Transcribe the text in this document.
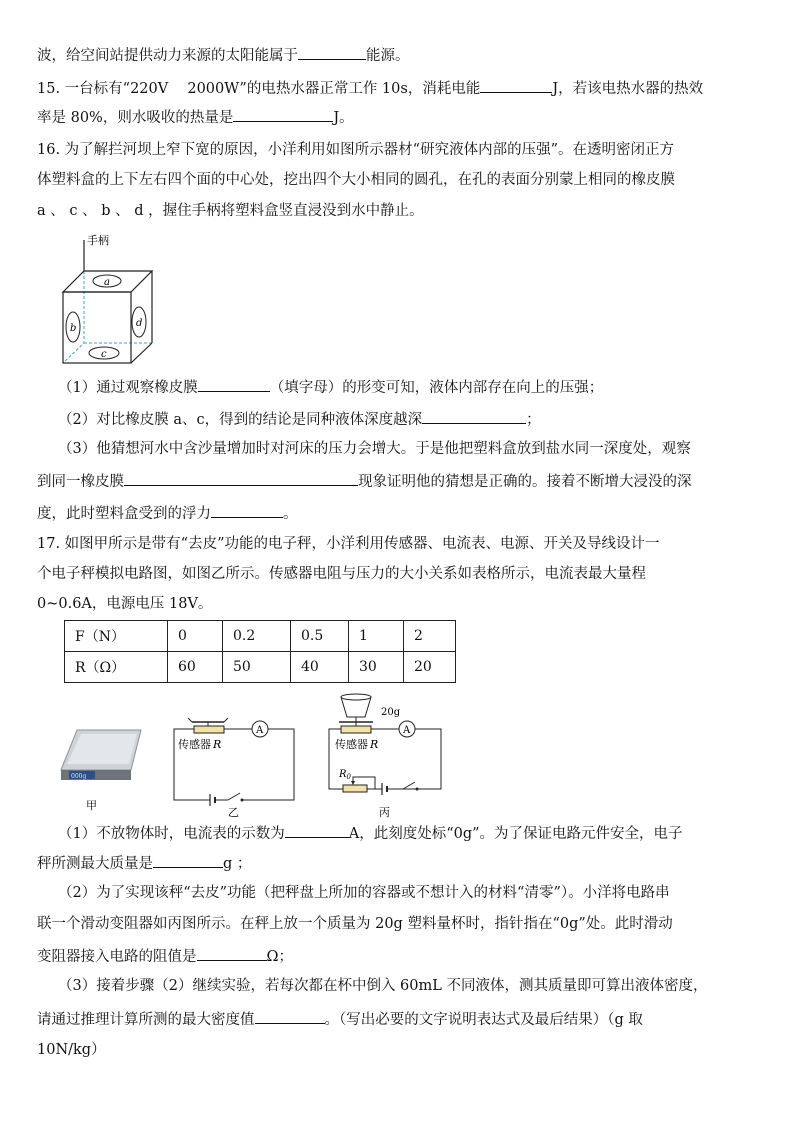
波，给空间站提供动力来源的太阳能属于	能源。
15. 一台标有“220V　 2000W”的电热水器正常工作 10s，消耗电能	J，若该电热水器的热效
率是 80%，则水吸收的热量是	J。
16. 为了解拦河坝上窄下宽的原因，小洋利用如图所示器材“研究液体内部的压强”。在透明密闭正方
体塑料盒的上下左右四个面的中心处，挖出四个大小相同的圆孔，在孔的表面分别蒙上相同的橡皮膜
a 、 c 、 b 、 d ，握住手柄将塑料盒竖直浸没到水中静止。
手柄
a
b	d
c
（1）通过观察橡皮膜	（填字母）的形变可知，液体内部存在向上的压强；
（2）对比橡皮膜 a、c，得到的结论是同种液体深度越深	；
（3）他猜想河水中含沙量增加时对河床的压力会增大。于是他把塑料盒放到盐水同一深度处，观察
到同一橡皮膜	现象证明他的猜想是正确的。接着不断增大浸没的深
度，此时塑料盒受到的浮力	。
17. 如图甲所示是带有“去皮”功能的电子秤，小洋利用传感器、电流表、电源、开关及导线设计一
个电子秤模拟电路图，如图乙所示。传感器电阻与压力的大小关系如表格所示，电流表最大量程
0~0.6A，电源电压 18V。
F（N）	0	0.2	0.5	1	2
R（Ω）	60	50	40	30	20
000g
甲
A
传感器 R
乙
20g
A
$R_0$
传感器 R
丙
（1）不放物体时，电流表的示数为	A，此刻度处标“0g”。为了保证电路元件安全，电子
秤所测最大质量是	g ；
（2）为了实现该秤“去皮”功能（把秤盘上所加的容器或不想计入的材料“清零”）。小洋将电路串
联一个滑动变阻器如丙图所示。在秤上放一个质量为 20g 塑料量杯时，指针指在“0g”处。此时滑动
变阻器接入电路的阻值是	Ω；
（3）接着步骤（2）继续实验，若每次都在杯中倒入 60mL 不同液体，测其质量即可算出液体密度，
请通过推理计算所测的最大密度值	。（写出必要的文字说明表达式及最后结果）（g 取
10N/kg）
